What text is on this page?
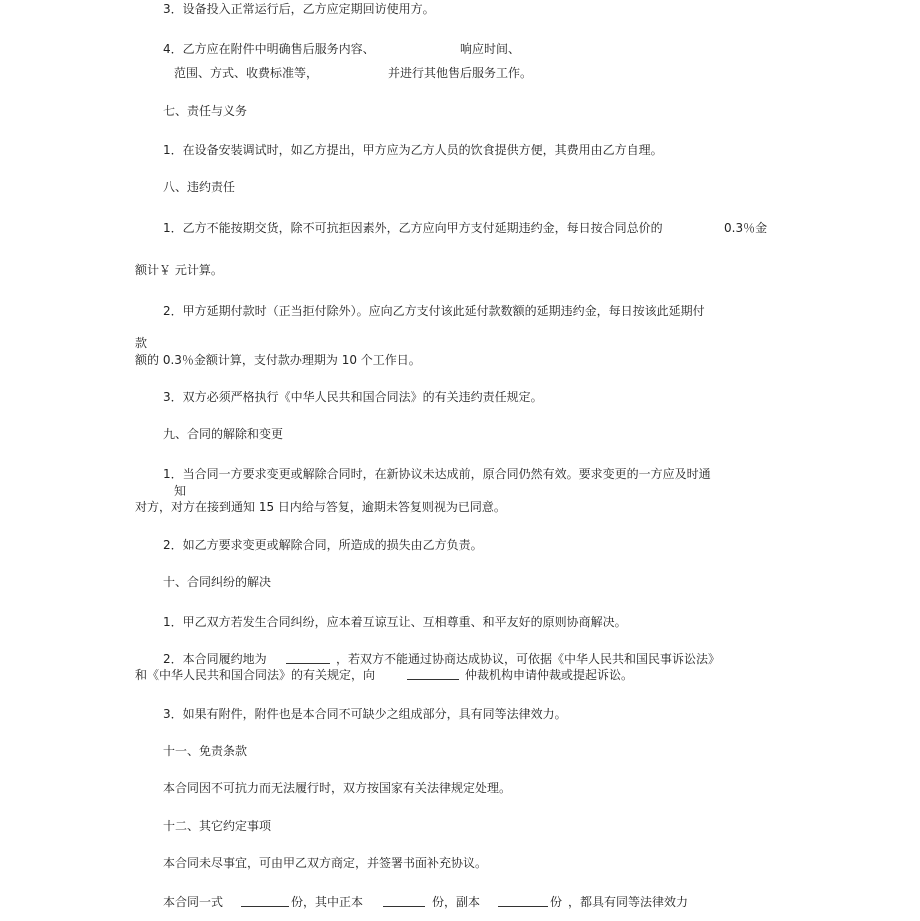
3．设备投入正常运行后，乙方应定期回访使用方。
4．乙方应在附件中明确售后服务内容、	响应时间、
范围、方式、收费标准等，	并进行其他售后服务工作。
七、责任与义务
1．在设备安装调试时，如乙方提出，甲方应为乙方人员的饮食提供方便，其费用由乙方自理。
八、违约责任
1．乙方不能按期交货，除不可抗拒因素外，乙方应向甲方支付延期违约金，每日按合同总价的	0.3％金
额计￥ 元计算。
2．甲方延期付款时（正当拒付除外）。应向乙方支付该此延付款数额的延期违约金，每日按该此延期付
款
额的 0.3％金额计算，支付款办理期为 10 个工作日。
3．双方必须严格执行《中华人民共和国合同法》的有关违约责任规定。
九、合同的解除和变更
1．当合同一方要求变更或解除合同时，在新协议未达成前，原合同仍然有效。要求变更的一方应及时通
知
对方，对方在接到通知 15 日内给与答复，逾期未答复则视为已同意。
2．如乙方要求变更或解除合同，所造成的损失由乙方负责。
十、合同纠纷的解决
1．甲乙双方若发生合同纠纷，应本着互谅互让、互相尊重、和平友好的原则协商解决。
2．本合同履约地为	，若双方不能通过协商达成协议，可依据《中华人民共和国民事诉讼法》
和《中华人民共和国合同法》的有关规定，向	仲裁机构申请仲裁或提起诉讼。
3．如果有附件，附件也是本合同不可缺少之组成部分，具有同等法律效力。
十一、免责条款
本合同因不可抗力而无法履行时，双方按国家有关法律规定处理。
十二、其它约定事项
本合同未尽事宜，可由甲乙双方商定，并签署书面补充协议。
本合同一式	份，其中正本	份，副本	份 ，都具有同等法律效力
